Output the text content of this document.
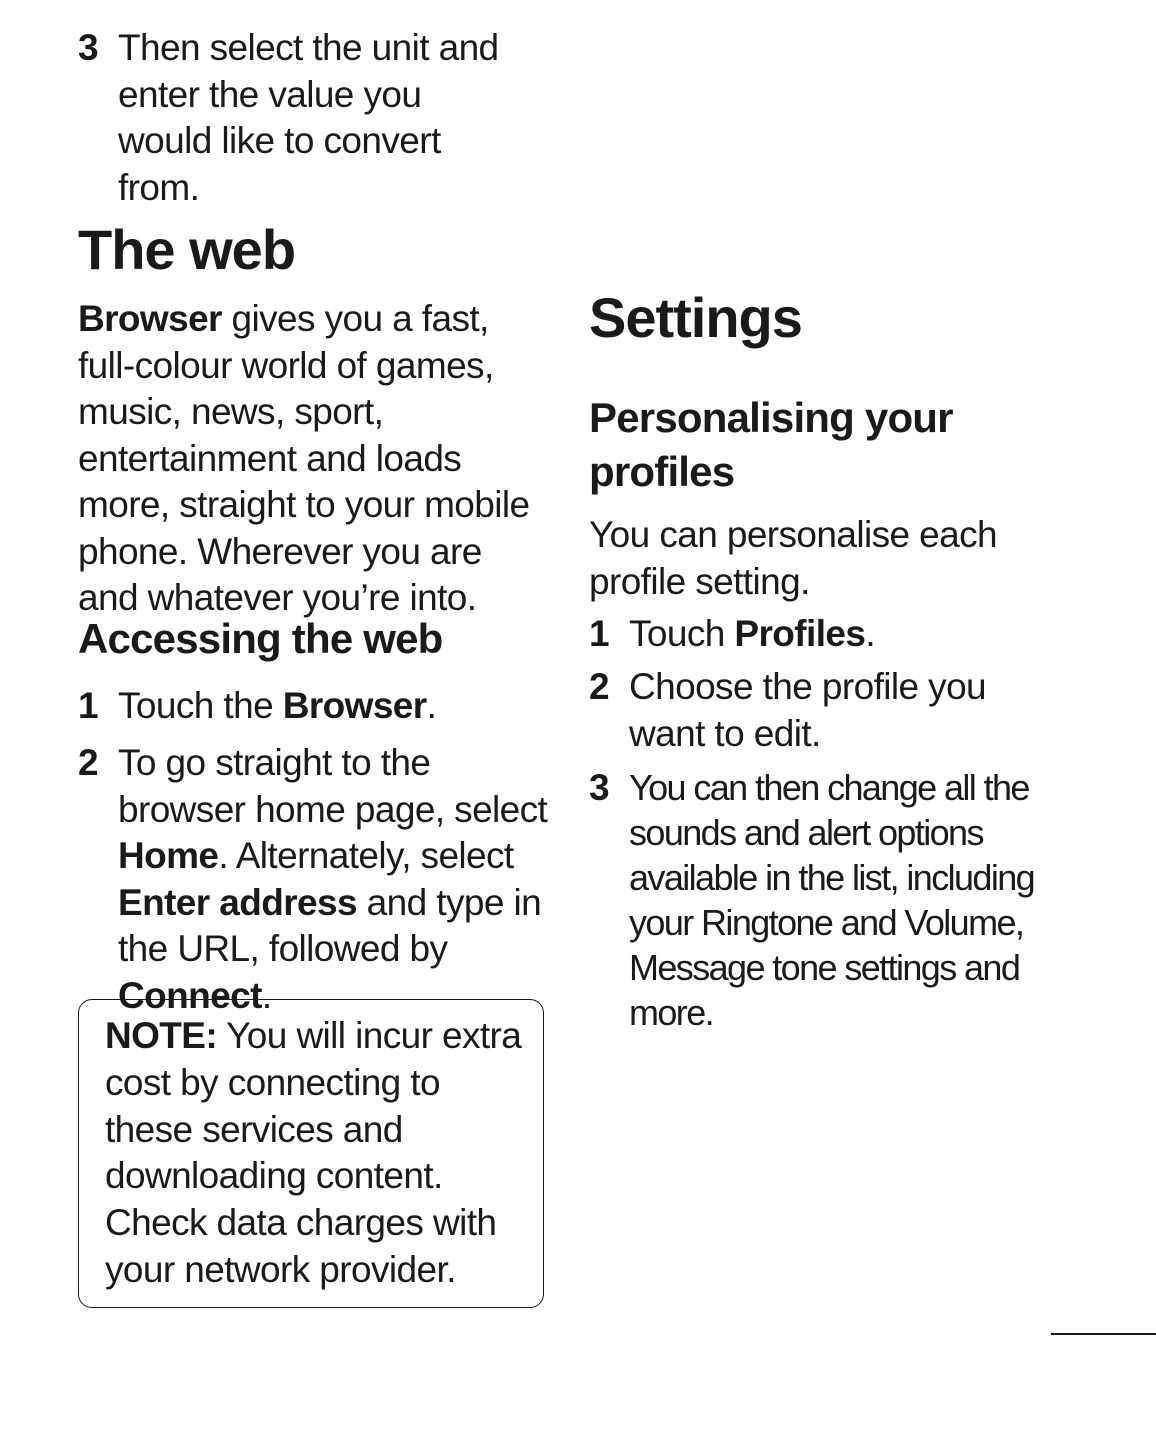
3 Then select the unit and enter the value you would like to convert from.
The web

Browser gives you a fast, full-colour world of games, music, news, sport, entertainment and loads more, straight to your mobile phone. Wherever you are and whatever you’re into.

Accessing the web
1 Touch the Browser.
2 To go straight to the browser home page, select Home. Alternately, select Enter address and type in the URL, followed by Connect.
NOTE: You will incur extra cost by connecting to these services and downloading content. Check data charges with your network provider.
Settings
Personalising your profiles

You can personalise each profile setting.

1 Touch Profiles.
2 Choose the profile you want to edit.
3 You can then change all the sounds and alert options available in the list, including your Ringtone and Volume, Message tone settings and more.
